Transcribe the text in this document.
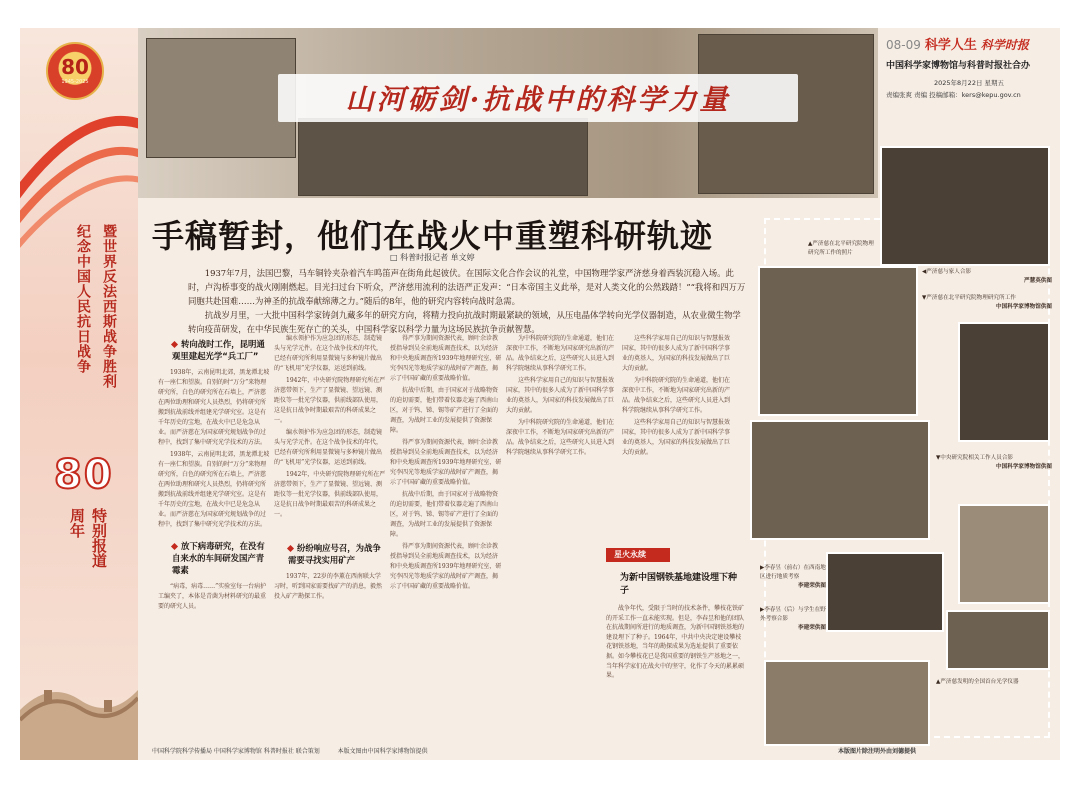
80
1945-2025
纪念中国人民抗日战争 暨世界反法西斯战争胜利
80
周年 特别报道
山河砺剑·抗战中的科学力量
08-09 科学人生 科学时报
中国科学家博物馆与科普时报社合办
2025年8月22日 星期五
责编张爽 责编 投稿邮箱：kers@kepu.gov.cn
手稿暂封，他们在战火中重塑科研轨迹
□ 科普时报记者 单文婷

1937年7月，法国巴黎，马车铜铃夹杂着汽车鸣笛声在街角此起彼伏。在国际文化合作会议的礼堂，中国物理学家严济慈身着西装沉稳入场。此时，卢沟桥事变的战火刚刚燃起。目光扫过台下听众，严济慈用流利的法语严正发声：“日本帝国主义此举，是对人类文化的公然践踏！”“我将和四万万同胞共赴国难……为神圣的抗战奉献绵薄之力。”随后的8年，他的研究内容转向战时急需。

抗战岁月里，一大批中国科学家铸剑九藏多年的研究方向，将精力投向抗战时期最紧缺的领域，从压电晶体学转向光学仪器制造，从农业微生物学转向疫苗研发，在中华民族生死存亡的关头，中国科学家以科学力量为这场民族抗争贡献智慧。

转向战时工作，昆明通观里建起光学“兵工厂”

1938年，云南昆明北郊，黑龙潭北坡有一座仁和望族。自别的时“万分”来物理研究所，白色的研究所在石墙上，严济慈在两位助理和研究人员热烈，仍将研究所搬到抗战前线并组建光学研究室。这是有千年历史的宝地，在战火中已是危急从业。而严济慈在为国家研究规划战争的过程中，找到了集中研究光学技术的方法。

1938年，云南昆明北郊，黑龙潭北坡有一座仁和望族。自别的时“万分”来物理研究所，白色的研究所在石墙上，严济慈在两位助理和研究人员热烈，仍将研究所搬到抗战前线并组建光学研究室。这是有千年历史的宝地，在战火中已是危急从业。而严济慈在为国家研究规划战争的过程中，找到了集中研究光学技术的方法。

放下病毒研究，在没有自来水的车间研发国产青霉素

“病毒，病毒……”实验室每一台病护工编夹了，本体是青菌为材料研究的最重要的研究人员。

编水领护作为应急团的形态，制造镜头与光学元件。在这个战争技术的年代，已经有研究所利用显微镜与多种镜片做出的“飞机用”光学仪器，运送到前线。

1942年，中央研究院物理研究所在严济慈带领下，生产了显微镜、望远镜、测距仪等一批光学仪器，供前线部队使用，这是抗日战争时期最艰苦的科研成果之一。

编水领护作为应急团的形态，制造镜头与光学元件。在这个战争技术的年代，已经有研究所利用显微镜与多种镜片做出的“飞机用”光学仪器，运送到前线。

1942年，中央研究院物理研究所在严济慈带领下，生产了显微镜、望远镜、测距仪等一批光学仪器，供前线部队使用，这是抗日战争时期最艰苦的科研成果之一。

纷纷响应号召，为战争需要寻找实用矿产

1937年，22岁的李薰在西南联大学习时，听到国家需要找矿产的消息，毅然投入矿产勘探工作。

得严事为期间资源代表，顾叶余诊教授指导到吴全前地质调查技术，以为经济和中央地质调查所1939年地理研究室，研究李四光等地质学家的战时矿产调查，揭示了中国矿藏的重要战略价值。

抗战中后期，由于国家对于战略物资的迫切需要，他们带着仪器走遍了西南山区，对于钨、锑、锡等矿产进行了全面的调查，为战时工业的发展提供了资源保障。

得严事为期间资源代表，顾叶余诊教授指导到吴全前地质调查技术，以为经济和中央地质调查所1939年地理研究室，研究李四光等地质学家的战时矿产调查，揭示了中国矿藏的重要战略价值。

抗战中后期，由于国家对于战略物资的迫切需要，他们带着仪器走遍了西南山区，对于钨、锑、锡等矿产进行了全面的调查，为战时工业的发展提供了资源保障。

得严事为期间资源代表，顾叶余诊教授指导到吴全前地质调查技术，以为经济和中央地质调查所1939年地理研究室，研究李四光等地质学家的战时矿产调查，揭示了中国矿藏的重要战略价值。

为中科院研究院的生命通道，他们在深夜中工作，不断地为国家研究出新的产品。战争结束之后，这些研究人员进入到科学院继续从事科学研究工作。

这些科学家用自己的知识与智慧报效国家，其中的很多人成为了新中国科学事业的奠基人，为国家的科技发展做出了巨大的贡献。

为中科院研究院的生命通道，他们在深夜中工作，不断地为国家研究出新的产品。战争结束之后，这些研究人员进入到科学院继续从事科学研究工作。

这些科学家用自己的知识与智慧报效国家，其中的很多人成为了新中国科学事业的奠基人，为国家的科技发展做出了巨大的贡献。

为中科院研究院的生命通道，他们在深夜中工作，不断地为国家研究出新的产品。战争结束之后，这些研究人员进入到科学院继续从事科学研究工作。

这些科学家用自己的知识与智慧报效国家，其中的很多人成为了新中国科学事业的奠基人，为国家的科技发展做出了巨大的贡献。

星火永续
为新中国钢铁基地建设埋下种子

战争年代，受限于当时的技术条件，攀枝花铁矿的开采工作一直未能实现。但是，李春昱和他的团队在抗战期间所进行的地质调查，为新中国钢铁基地的建设埋下了种子。1964年，中共中央决定建设攀枝花钢铁基地，当年的勘探成果为选址提供了重要依据。如今攀枝花已是我国重要的钢铁生产基地之一，当年科学家们在战火中的坚守，化作了今天的累累硕果。

▲严济慈在北平研究院物理研究所工作的照片
◀严济慈与家人合影
严慧英供图
▼严济慈在北平研究院物理研究所工作
中国科学家博物馆供图
▼中央研究院相关工作人员合影
中国科学家博物馆供图
▶李春昱（前右）在西南地区进行地质考察
李建荣供图
▶李春昱（后）与学生在野外考察合影
李建荣供图
▲严济慈发明的全国首台光学仪器
中国科学院科学传播局 中国科学家博物馆 科普时报社 联合策划	本版文图由中国科学家博物馆提供	本版图片除注明外由刘德提供
